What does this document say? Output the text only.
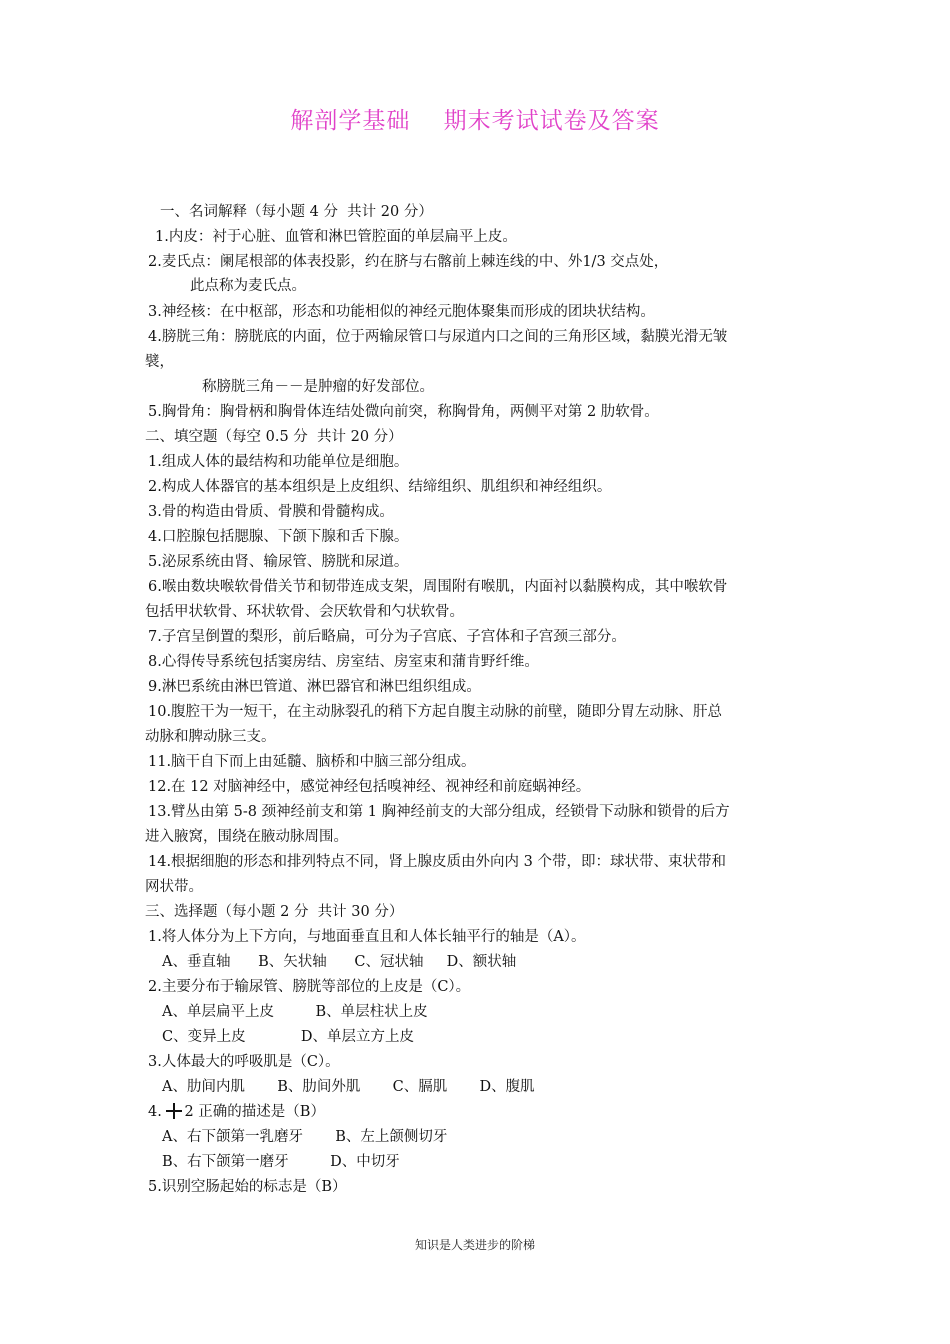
解剖学基础    期末考试试卷及答案
一、名词解释（每小题 4 分  共计 20 分）
1.内皮：衬于心脏、血管和淋巴管腔面的单层扁平上皮。
2.麦氏点：阑尾根部的体表投影，约在脐与右髂前上棘连线的中、外1/3 交点处，
此点称为麦氏点。
3.神经核：在中枢部，形态和功能相似的神经元胞体聚集而形成的团块状结构。
4.膀胱三角：膀胱底的内面，位于两输尿管口与尿道内口之间的三角形区域，黏膜光滑无皱
襞，
称膀胱三角－－是肿瘤的好发部位。
5.胸骨角：胸骨柄和胸骨体连结处微向前突，称胸骨角，两侧平对第 2 肋软骨。
二、填空题（每空 0.5 分  共计 20 分）
1.组成人体的最结构和功能单位是细胞。
2.构成人体器官的基本组织是上皮组织、结缔组织、肌组织和神经组织。
3.骨的构造由骨质、骨膜和骨髓构成。
4.口腔腺包括腮腺、下颌下腺和舌下腺。
5.泌尿系统由肾、输尿管、膀胱和尿道。
6.喉由数块喉软骨借关节和韧带连成支架，周围附有喉肌，内面衬以黏膜构成，其中喉软骨
包括甲状软骨、环状软骨、会厌软骨和勺状软骨。
7.子宫呈倒置的梨形，前后略扁，可分为子宫底、子宫体和子宫颈三部分。
8.心得传导系统包括窦房结、房室结、房室束和蒲肯野纤维。
9.淋巴系统由淋巴管道、淋巴器官和淋巴组织组成。
10.腹腔干为一短干，在主动脉裂孔的稍下方起自腹主动脉的前壁，随即分胃左动脉、肝总
动脉和脾动脉三支。
11.脑干自下而上由延髓、脑桥和中脑三部分组成。
12.在 12 对脑神经中，感觉神经包括嗅神经、视神经和前庭蜗神经。
13.臂丛由第 5-8 颈神经前支和第 1 胸神经前支的大部分组成，经锁骨下动脉和锁骨的后方
进入腋窝，围绕在腋动脉周围。
14.根据细胞的形态和排列特点不同，肾上腺皮质由外向内 3 个带，即：球状带、束状带和
网状带。
三、选择题（每小题 2 分  共计 30 分）
1.将人体分为上下方向，与地面垂直且和人体长轴平行的轴是（A）。
A、垂直轴      B、矢状轴      C、冠状轴     D、额状轴
2.主要分布于输尿管、膀胱等部位的上皮是（C）。
A、单层扁平上皮         B、单层柱状上皮
C、变异上皮            D、单层立方上皮
3.人体最大的呼吸肌是（C）。
A、肋间内肌       B、肋间外肌       C、膈肌       D、腹肌
4. 2 正确的描述是（B）
A、右下颌第一乳磨牙       B、左上颌侧切牙
B、右下颌第一磨牙         D、中切牙
5.识别空肠起始的标志是（B）
知识是人类进步的阶梯
